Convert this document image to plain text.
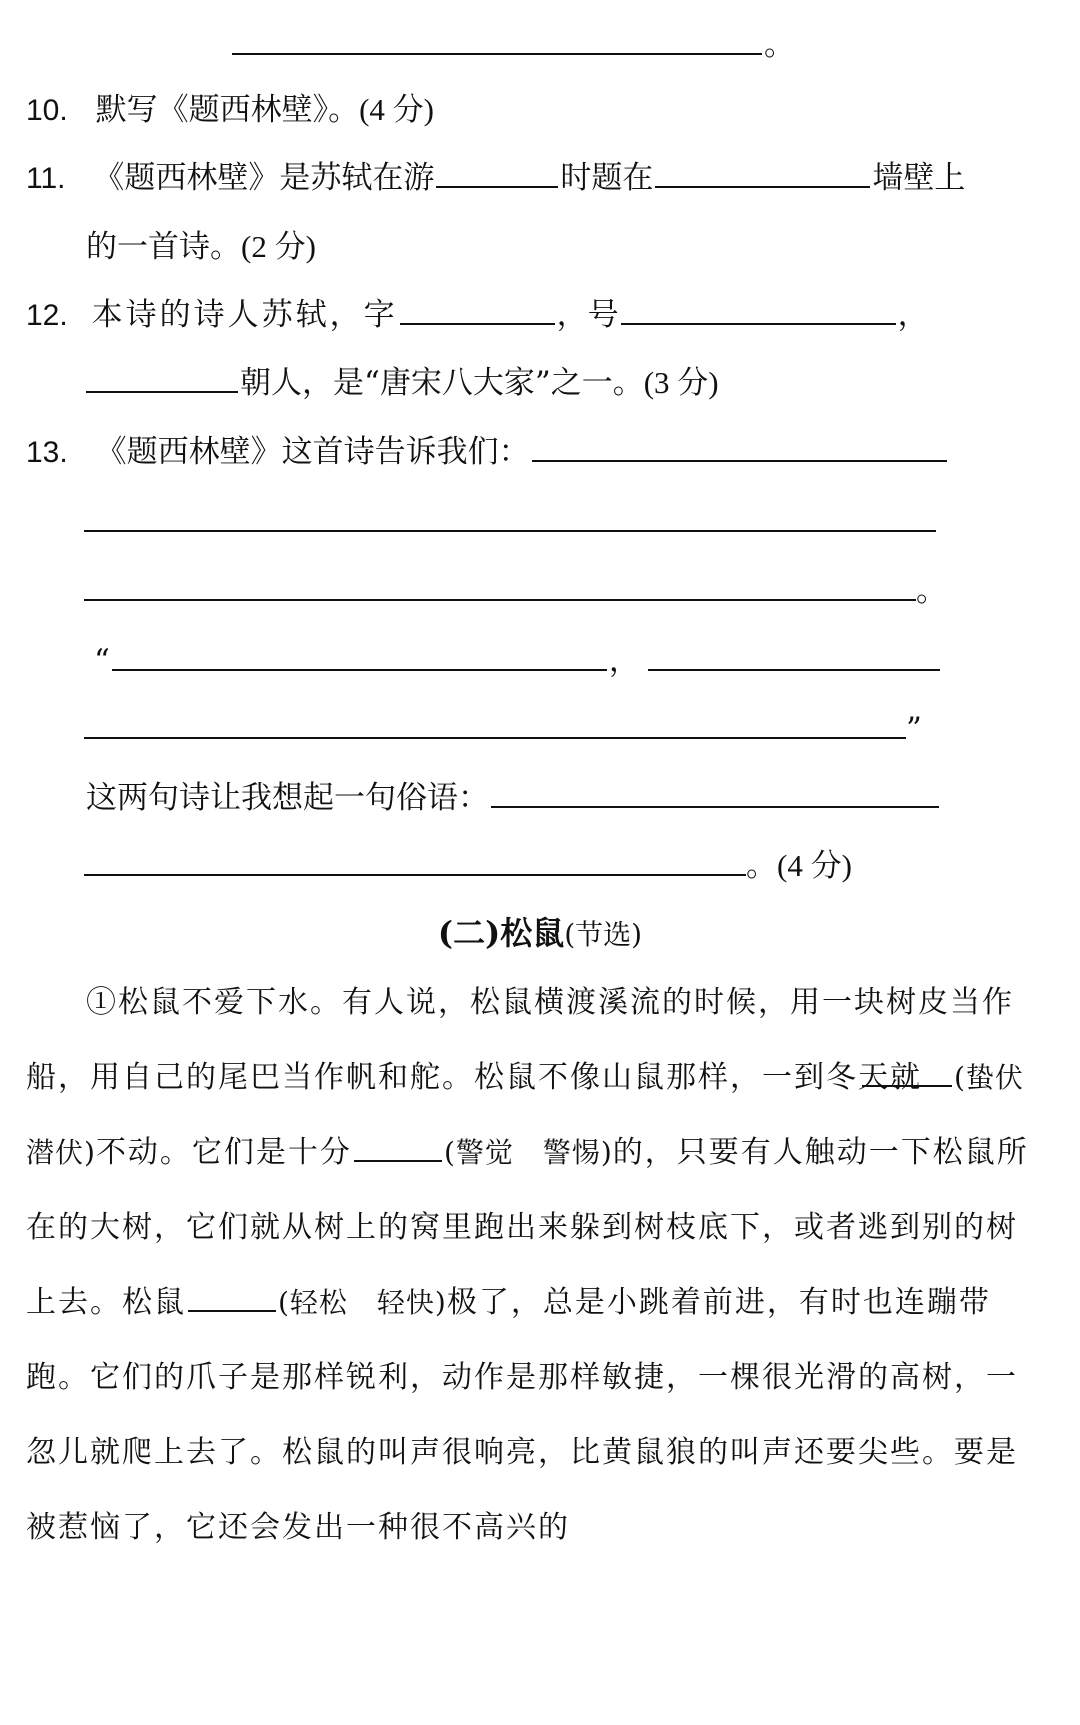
。
10. 默写《题西林壁》。(4 分)
11. 《题西林壁》是苏轼在游	时题在	墙壁上
的一首诗。(2 分)
12. 本诗的诗人苏轼，字	，号	，
朝人，是“唐宋八大家”之一。(3 分)
13. 《题西林壁》这首诗告诉我们：
。
“	，
”
这两句诗让我想起一句俗语：
。(4 分)
(二)松鼠(节选)
①松鼠不爱下水。有人说，松鼠横渡溪流的时候，用一块树皮当作船，用自己的尾巴当作帆和舵。松鼠不像山鼠那样，一到冬天就 (蛰伏　潜伏)不动。它们是十分	(警觉　警惕)的，只要有人触动一下松鼠所在的大树，它们就从树上的窝里跑出来躲到树枝底下，或者逃到别的树上去。松鼠	(轻松　轻快)极了，总是小跳着前进，有时也连蹦带跑。它们的爪子是那样锐利，动作是那样敏捷，一棵很光滑的高树，一忽儿就爬上去了。松鼠的叫声很响亮，比黄鼠狼的叫声还要尖些。要是被惹恼了，它还会发出一种很不高兴的
